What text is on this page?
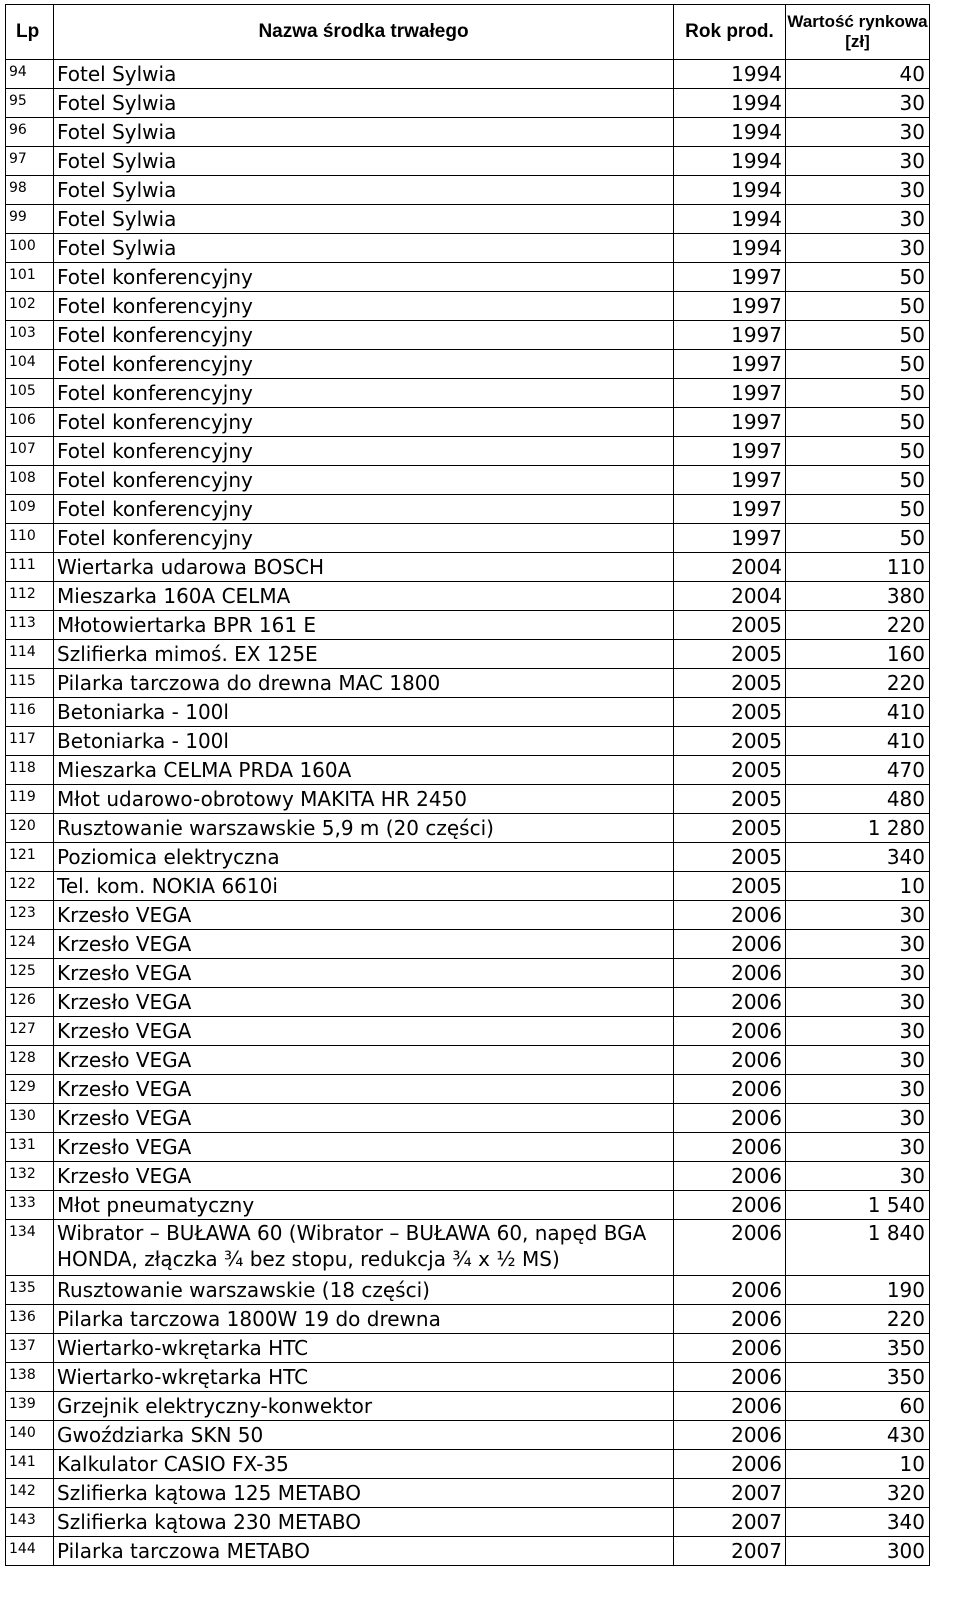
Lp	Nazwa środka trwałego	Rok prod.	Wartość rynkowa
[zł]
94	Fotel Sylwia	1994	40
95	Fotel Sylwia	1994	30
96	Fotel Sylwia	1994	30
97	Fotel Sylwia	1994	30
98	Fotel Sylwia	1994	30
99	Fotel Sylwia	1994	30
100	Fotel Sylwia	1994	30
101	Fotel konferencyjny	1997	50
102	Fotel konferencyjny	1997	50
103	Fotel konferencyjny	1997	50
104	Fotel konferencyjny	1997	50
105	Fotel konferencyjny	1997	50
106	Fotel konferencyjny	1997	50
107	Fotel konferencyjny	1997	50
108	Fotel konferencyjny	1997	50
109	Fotel konferencyjny	1997	50
110	Fotel konferencyjny	1997	50
111	Wiertarka udarowa BOSCH	2004	110
112	Mieszarka 160A CELMA	2004	380
113	Młotowiertarka BPR 161 E	2005	220
114	Szlifierka mimoś. EX 125E	2005	160
115	Pilarka tarczowa do drewna MAC 1800	2005	220
116	Betoniarka - 100l	2005	410
117	Betoniarka - 100l	2005	410
118	Mieszarka CELMA PRDA 160A	2005	470
119	Młot udarowo-obrotowy MAKITA HR 2450	2005	480
120	Rusztowanie warszawskie 5,9 m (20 części)	2005	1 280
121	Poziomica elektryczna	2005	340
122	Tel. kom. NOKIA 6610i	2005	10
123	Krzesło VEGA	2006	30
124	Krzesło VEGA	2006	30
125	Krzesło VEGA	2006	30
126	Krzesło VEGA	2006	30
127	Krzesło VEGA	2006	30
128	Krzesło VEGA	2006	30
129	Krzesło VEGA	2006	30
130	Krzesło VEGA	2006	30
131	Krzesło VEGA	2006	30
132	Krzesło VEGA	2006	30
133	Młot pneumatyczny	2006	1 540
134	Wibrator – BUŁAWA 60 (Wibrator – BUŁAWA 60, napęd BGA HONDA, złączka ¾ bez stopu, redukcja ¾ x ½ MS)	2006	1 840
135	Rusztowanie warszawskie (18 części)	2006	190
136	Pilarka tarczowa 1800W 19 do drewna	2006	220
137	Wiertarko-wkrętarka HTC	2006	350
138	Wiertarko-wkrętarka HTC	2006	350
139	Grzejnik elektryczny-konwektor	2006	60
140	Gwoździarka SKN 50	2006	430
141	Kalkulator CASIO FX-35	2006	10
142	Szlifierka kątowa 125 METABO	2007	320
143	Szlifierka kątowa 230 METABO	2007	340
144	Pilarka tarczowa METABO	2007	300
